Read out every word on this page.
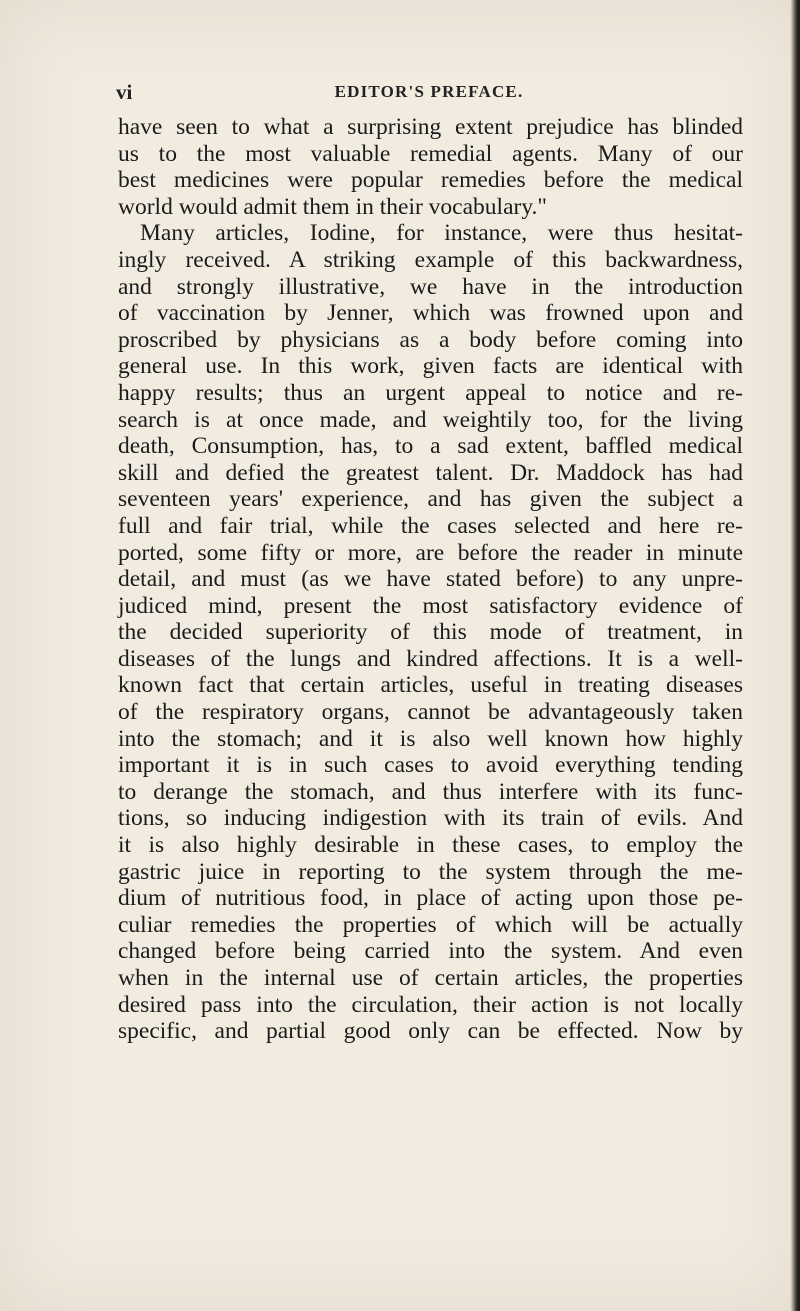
vi	EDITOR'S PREFACE.
have seen to what a surprising extent prejudice has blinded
us to the most valuable remedial agents. Many of our
best medicines were popular remedies before the medical
world would admit them in their vocabulary."
Many articles, Iodine, for instance, were thus hesitat-
ingly received. A striking example of this backwardness,
and strongly illustrative, we have in the introduction
of vaccination by Jenner, which was frowned upon and
proscribed by physicians as a body before coming into
general use. In this work, given facts are identical with
happy results; thus an urgent appeal to notice and re-
search is at once made, and weightily too, for the living
death, Consumption, has, to a sad extent, baffled medical
skill and defied the greatest talent. Dr. Maddock has had
seventeen years' experience, and has given the subject a
full and fair trial, while the cases selected and here re-
ported, some fifty or more, are before the reader in minute
detail, and must (as we have stated before) to any unpre-
judiced mind, present the most satisfactory evidence of
the decided superiority of this mode of treatment, in
diseases of the lungs and kindred affections. It is a well-
known fact that certain articles, useful in treating diseases
of the respiratory organs, cannot be advantageously taken
into the stomach; and it is also well known how highly
important it is in such cases to avoid everything tending
to derange the stomach, and thus interfere with its func-
tions, so inducing indigestion with its train of evils. And
it is also highly desirable in these cases, to employ the
gastric juice in reporting to the system through the me-
dium of nutritious food, in place of acting upon those pe-
culiar remedies the properties of which will be actually
changed before being carried into the system. And even
when in the internal use of certain articles, the properties
desired pass into the circulation, their action is not locally
specific, and partial good only can be effected. Now by
